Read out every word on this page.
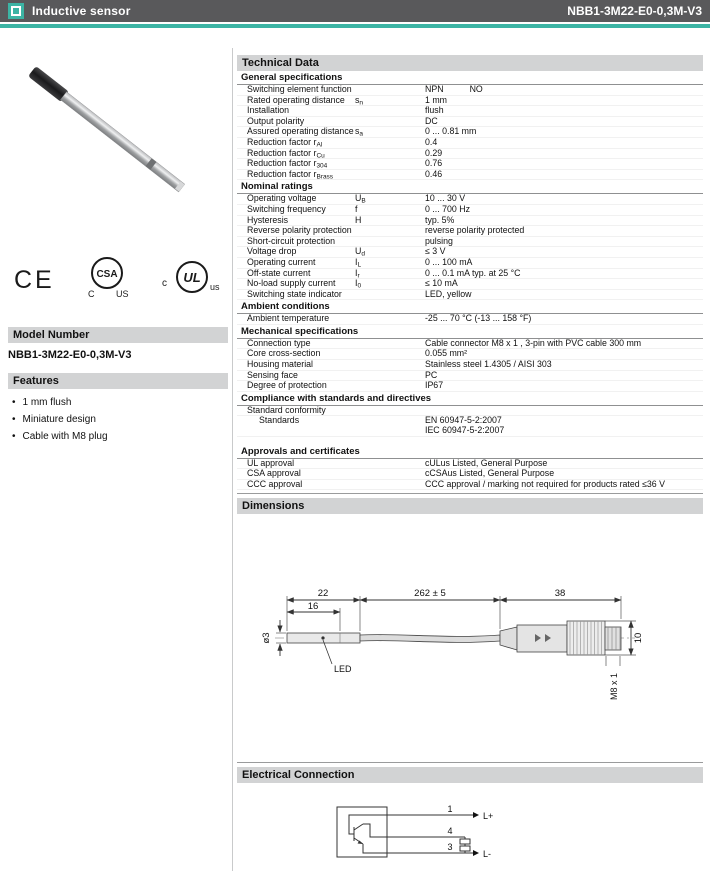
Inductive sensor	NBB1-3M22-E0-0,3M-V3
CE	CSA
C US
c UL
us
Model Number
NBB1-3M22-E0-0,3M-V3
Features
• 1 mm flush
• Miniature design
• Cable with M8 plug
Technical Data
General specifications
Switching element function	NPN	NO
Rated operating distance	$s_n$	1 mm
Installation	flush
Output polarity	DC
Assured operating distance $s_a$	0 ... 0.81 mm
Reduction factor $r_{Al}$	0.4
Reduction factor $r_{Cu}$	0.29
Reduction factor $r_{304}$	0.76
Reduction factor $r_{Brass}$	0.46
Nominal ratings
Operating voltage	$U_B$	10 ... 30 V
Switching frequency	f	0 ... 700 Hz
Hysteresis	H	typ. 5%
Reverse polarity protection	reverse polarity protected
Short-circuit protection	pulsing
Voltage drop	$U_d$	≤ 3 V
Operating current	$I_L$	0 ... 100 mA
Off-state current	$I_r$	0 ... 0.1 mA typ. at 25 °C
No-load supply current	$I_0$	≤ 10 mA
Switching state indicator	LED, yellow
Ambient conditions
Ambient temperature	-25 ... 70 °C (-13 ... 158 °F)
Mechanical specifications
Connection type	Cable connector M8 x 1 , 3-pin with PVC cable 300 mm
Core cross-section	0.055 mm²
Housing material	Stainless steel 1.4305 / AISI 303
Sensing face	PC
Degree of protection	IP67
Compliance with standards and directives
Standard conformity
Standards	EN 60947-5-2:2007
IEC 60947-5-2:2007
Approvals and certificates
UL approval	cULus Listed, General Purpose
CSA approval	cCSAus Listed, General Purpose
CCC approval	CCC approval / marking not required for products rated ≤36 V
Dimensions
22
16
262 ± 5	38
ø3
LED
M8 x 1
10
Electrical Connection
1
4
3
L+
L-
